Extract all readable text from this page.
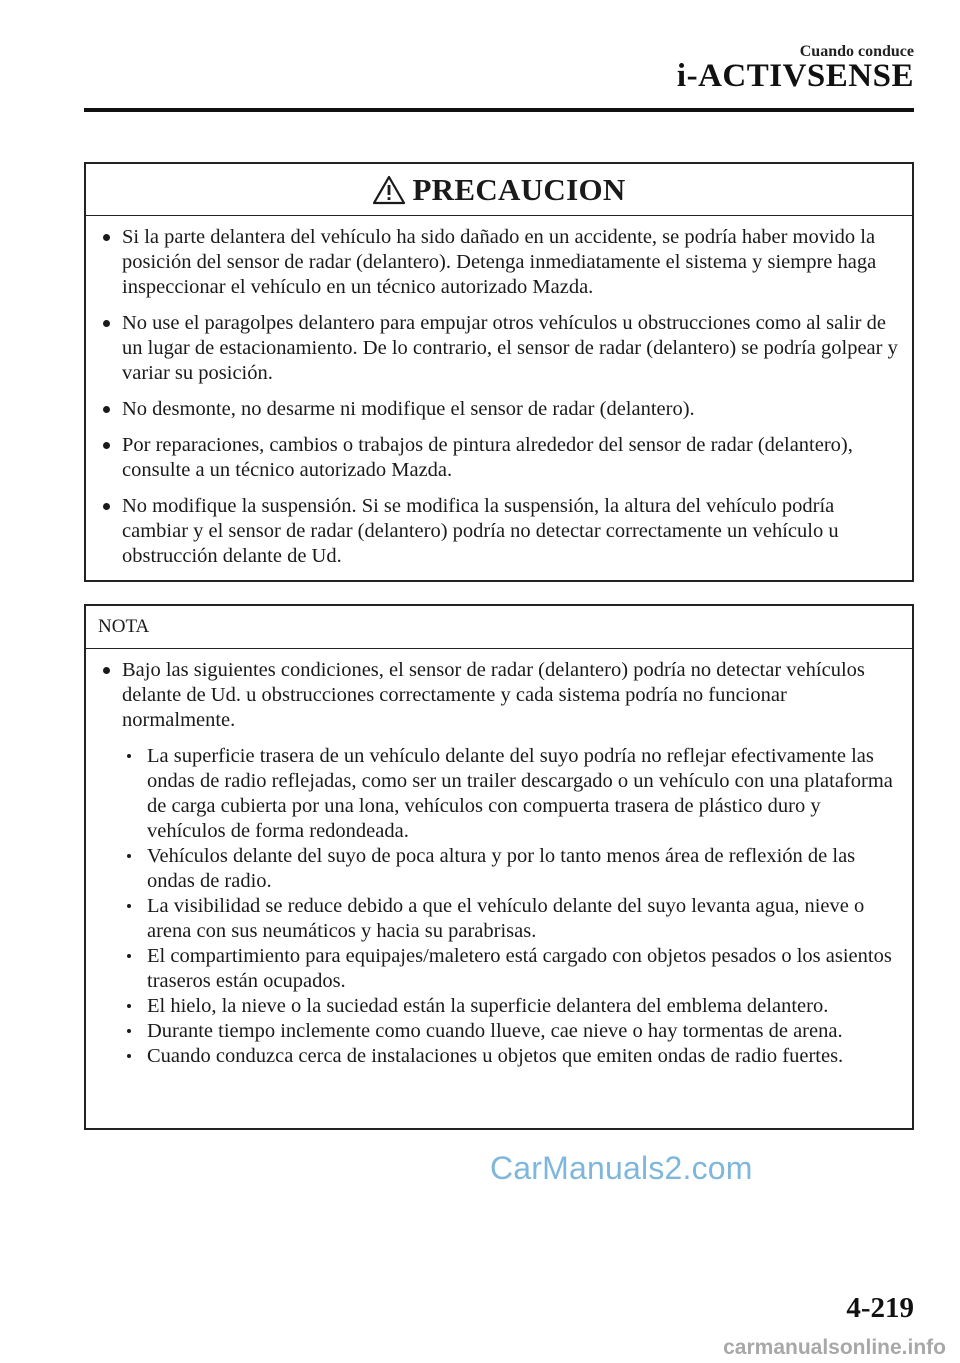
Cuando conduce
i-ACTIVSENSE
PRECAUCION
Si la parte delantera del vehículo ha sido dañado en un accidente, se podría haber movido la posición del sensor de radar (delantero). Detenga inmediatamente el sistema y siempre haga inspeccionar el vehículo en un técnico autorizado Mazda.
No use el paragolpes delantero para empujar otros vehículos u obstrucciones como al salir de un lugar de estacionamiento. De lo contrario, el sensor de radar (delantero) se podría golpear y variar su posición.
No desmonte, no desarme ni modifique el sensor de radar (delantero).
Por reparaciones, cambios o trabajos de pintura alrededor del sensor de radar (delantero), consulte a un técnico autorizado Mazda.
No modifique la suspensión. Si se modifica la suspensión, la altura del vehículo podría cambiar y el sensor de radar (delantero) podría no detectar correctamente un vehículo u obstrucción delante de Ud.
NOTA
Bajo las siguientes condiciones, el sensor de radar (delantero) podría no detectar vehículos delante de Ud. u obstrucciones correctamente y cada sistema podría no funcionar normalmente.
La superficie trasera de un vehículo delante del suyo podría no reflejar efectivamente las ondas de radio reflejadas, como ser un trailer descargado o un vehículo con una plataforma de carga cubierta por una lona, vehículos con compuerta trasera de plástico duro y vehículos de forma redondeada.
Vehículos delante del suyo de poca altura y por lo tanto menos área de reflexión de las ondas de radio.
La visibilidad se reduce debido a que el vehículo delante del suyo levanta agua, nieve o arena con sus neumáticos y hacia su parabrisas.
El compartimiento para equipajes/maletero está cargado con objetos pesados o los asientos traseros están ocupados.
El hielo, la nieve o la suciedad están la superficie delantera del emblema delantero.
Durante tiempo inclemente como cuando llueve, cae nieve o hay tormentas de arena.
Cuando conduzca cerca de instalaciones u objetos que emiten ondas de radio fuertes.
CarManuals2.com
4-219
carmanualsonline.info
